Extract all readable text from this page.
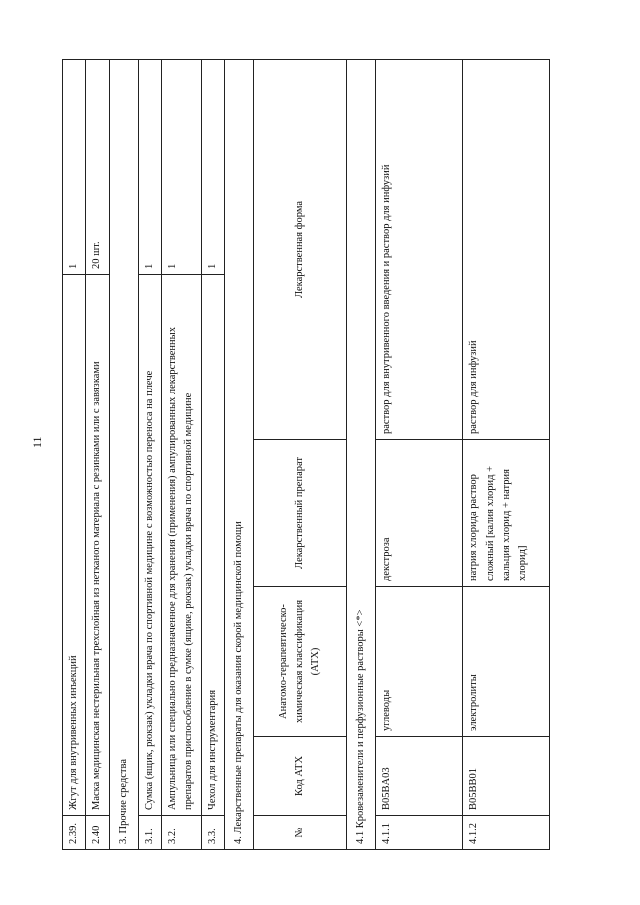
11
2.39.	Жгут для внутривенных инъекций				1
2.40	Маска медицинская нестерильная трехслойная из нетканого материала с резинками или с завязками				20 шт.
3. Прочие средства					
3.1.	Сумка (ящик, рюкзак) укладки врача по спортивной медицине с возможностью переноса на плече				1
3.2.	Ампульница или специально предназначенное для хранения (применения) ампулированных лекарственных препаратов приспособление в сумке (ящике, рюкзак) укладки врача по спортивной медицине				1
3.3.	Чехол для инструментария				1
4. Лекарственные препараты для оказания скорой медицинской помощи					
№	Код АТХ	Анатомо-терапевтическо-химическая классификация (АТХ)	Лекарственный препарат	Лекарственная форма	
4.1 Кровезаменители и перфузионные растворы <*>					
4.1.1	B05BA03	углеводы	декстроза	раствор для внутривенного введения и раствор для инфузий	
4.1.2	B05BB01	электролиты	натрия хлорида раствор сложный [калия хлорид + кальция хлорид + натрия хлорид]	раствор для инфузий	
